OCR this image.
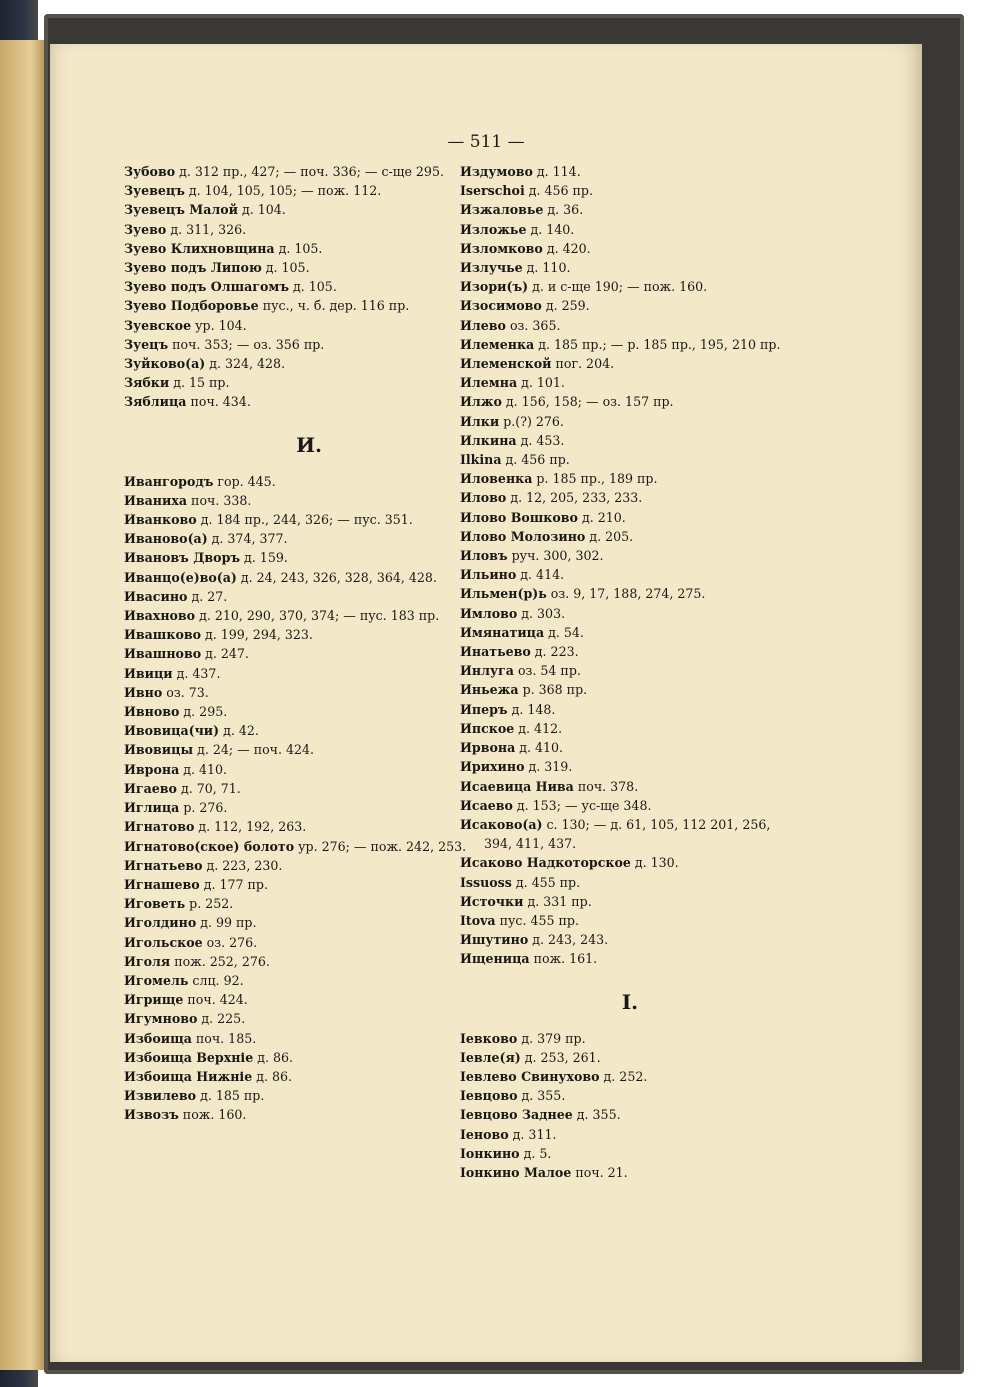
— 511 —
Зубово д. 312 пр., 427; — поч. 336; — с-ще 295.
Зуевецъ д. 104, 105, 105; — пож. 112.
Зуевецъ Малой д. 104.
Зуево д. 311, 326.
Зуево Клихновщина д. 105.
Зуево подъ Липою д. 105.
Зуево подъ Олшагомъ д. 105.
Зуево Подборовье пус., ч. б. дер. 116 пр.
Зуевское ур. 104.
Зуецъ поч. 353; — оз. 356 пр.
Зуйково(а) д. 324, 428.
Зябки д. 15 пр.
Зяблица поч. 434.
И.
Ивангородъ гор. 445.
Иваниха поч. 338.
Иванково д. 184 пр., 244, 326; — пус. 351.
Иваново(а) д. 374, 377.
Ивановъ Дворъ д. 159.
Иванцо(е)во(а) д. 24, 243, 326, 328, 364, 428.
Ивасино д. 27.
Ивахново д. 210, 290, 370, 374; — пус. 183 пр.
Ивашково д. 199, 294, 323.
Ивашново д. 247.
Ивици д. 437.
Ивно оз. 73.
Ивново д. 295.
Ивовица(чи) д. 42.
Ивовицы д. 24; — поч. 424.
Иврона д. 410.
Игаево д. 70, 71.
Иглица р. 276.
Игнатово д. 112, 192, 263.
Игнатово(ское) болото ур. 276; — пож. 242, 253.
Игнатьево д. 223, 230.
Игнашево д. 177 пр.
Иговеть р. 252.
Иголдино д. 99 пр.
Игольское оз. 276.
Иголя пож. 252, 276.
Игомель слц. 92.
Игрище поч. 424.
Игумново д. 225.
Избоища поч. 185.
Избоища Верхніе д. 86.
Избоища Нижніе д. 86.
Извилево д. 185 пр.
Извозъ пож. 160.
Издумово д. 114.
Iserschoi д. 456 пр.
Изжаловье д. 36.
Изложье д. 140.
Изломково д. 420.
Излучье д. 110.
Изори(ъ) д. и с-ще 190; — пож. 160.
Изосимово д. 259.
Илево оз. 365.
Илеменка д. 185 пр.; — р. 185 пр., 195, 210 пр.
Илеменской пог. 204.
Илемна д. 101.
Илжо д. 156, 158; — оз. 157 пр.
Илки р.(?) 276.
Илкина д. 453.
Ilkina д. 456 пр.
Иловенка р. 185 пр., 189 пр.
Илово д. 12, 205, 233, 233.
Илово Вошково д. 210.
Илово Молозино д. 205.
Иловъ руч. 300, 302.
Ильино д. 414.
Ильмен(р)ь оз. 9, 17, 188, 274, 275.
Имлово д. 303.
Имянатица д. 54.
Инатьево д. 223.
Инлуга оз. 54 пр.
Иньежа р. 368 пр.
Иперъ д. 148.
Ипское д. 412.
Ирвона д. 410.
Ирихино д. 319.
Исаевица Нива поч. 378.
Исаево д. 153; — ус-ще 348.
Исаково(а) с. 130; — д. 61, 105, 112 201, 256, 394, 411, 437.
Исаково Надкоторское д. 130.
Issuoss д. 455 пр.
Источки д. 331 пр.
Itova пус. 455 пр.
Ишутино д. 243, 243.
Ищеница пож. 161.
I.
Iевково д. 379 пр.
Iевле(я) д. 253, 261.
Iевлево Свинухово д. 252.
Iевцово д. 355.
Iевцово Заднее д. 355.
Iеново д. 311.
Iонкино д. 5.
Iонкино Малое поч. 21.
